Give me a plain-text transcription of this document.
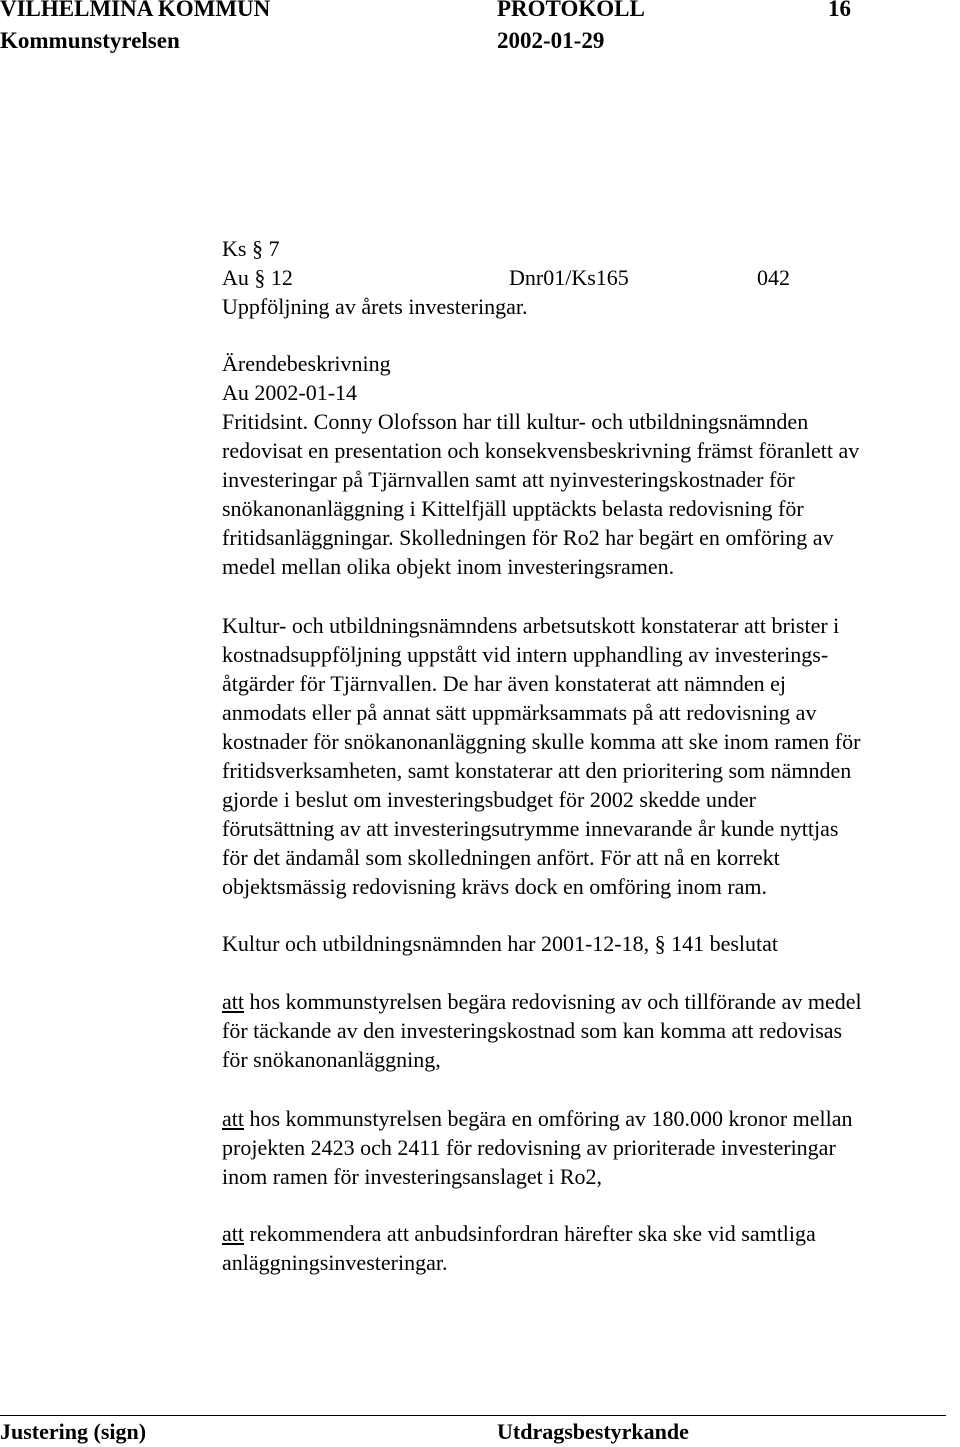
VILHELMINA KOMMUN	PROTOKOLL	16
Kommunstyrelsen	2002-01-29
Ks § 7
Au § 12	Dnr01/Ks165	042
Uppföljning av årets investeringar.
Ärendebeskrivning
Au 2002-01-14
Fritidsint. Conny Olofsson har till kultur- och utbildningsnämnden
redovisat en presentation och konsekvensbeskrivning främst föranlett av
investeringar på Tjärnvallen samt att nyinvesteringskostnader för
snökanonanläggning i Kittelfjäll upptäckts belasta redovisning för
fritidsanläggningar. Skolledningen för Ro2 har begärt en omföring av
medel mellan olika objekt inom investeringsramen.
Kultur- och utbildningsnämndens arbetsutskott konstaterar att brister i
kostnadsuppföljning uppstått vid intern upphandling av investerings-
åtgärder för Tjärnvallen. De har även konstaterat att nämnden ej
anmodats eller på annat sätt uppmärksammats på att redovisning av
kostnader för snökanonanläggning skulle komma att ske inom ramen för
fritidsverksamheten, samt konstaterar att den prioritering som nämnden
gjorde i beslut om investeringsbudget för 2002 skedde under
förutsättning av att investeringsutrymme innevarande år kunde nyttjas
för det ändamål som skolledningen anfört. För att nå en korrekt
objektsmässig redovisning krävs dock en omföring inom ram.
Kultur och utbildningsnämnden har 2001-12-18, § 141 beslutat
att hos kommunstyrelsen begära redovisning av och tillförande av medel
för täckande av den investeringskostnad som kan komma att redovisas
för snökanonanläggning,
att hos kommunstyrelsen begära en omföring av 180.000 kronor mellan
projekten 2423 och 2411 för redovisning av prioriterade investeringar
inom ramen för investeringsanslaget i Ro2,
att rekommendera att anbudsinfordran härefter ska ske vid samtliga
anläggningsinvesteringar.
Justering (sign)	Utdragsbestyrkande
